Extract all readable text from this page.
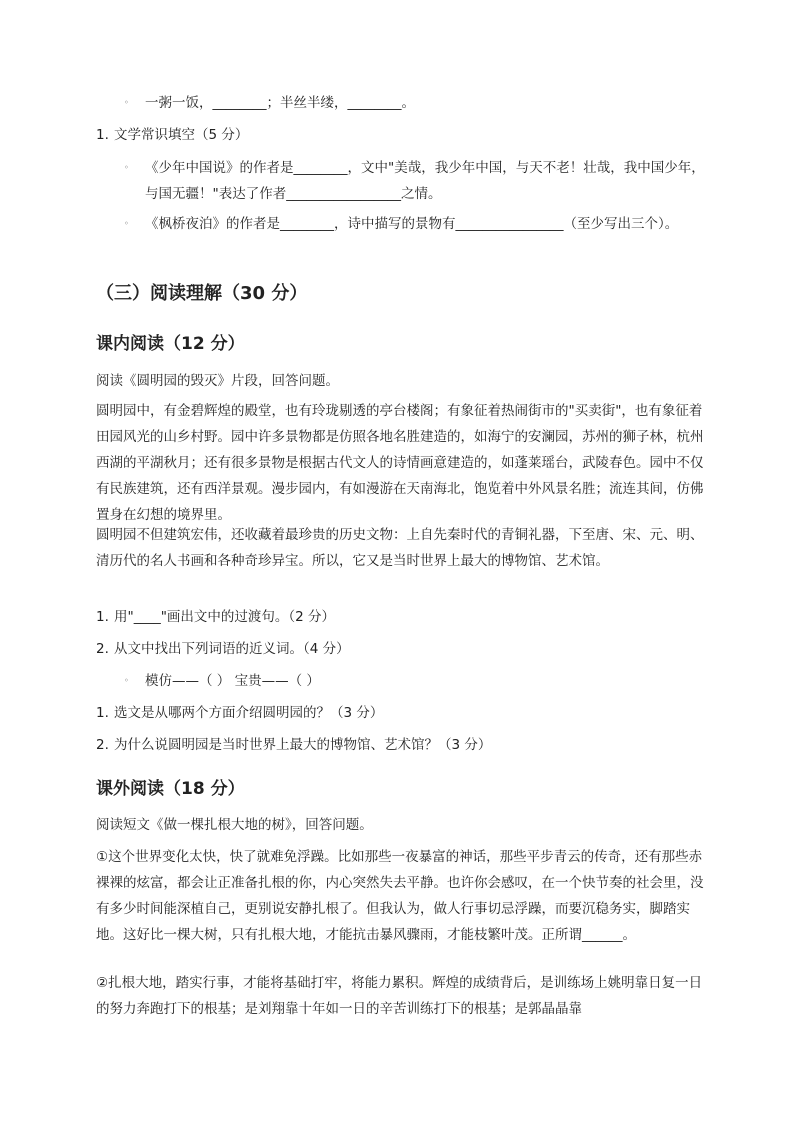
◦ 一粥一饭，________；半丝半缕，________。
1. 文学常识填空（5 分）
◦ 《少年中国说》的作者是________，文中"美哉，我少年中国，与天不老！壮哉，我中国少年，与国无疆！"表达了作者_________________之情。
◦ 《枫桥夜泊》的作者是________，诗中描写的景物有________________（至少写出三个）。
（三）阅读理解（30 分）
课内阅读（12 分）
阅读《圆明园的毁灭》片段，回答问题。
圆明园中，有金碧辉煌的殿堂，也有玲珑剔透的亭台楼阁；有象征着热闹街市的"买卖街"，也有象征着田园风光的山乡村野。园中许多景物都是仿照各地名胜建造的，如海宁的安澜园，苏州的狮子林，杭州西湖的平湖秋月；还有很多景物是根据古代文人的诗情画意建造的，如蓬莱瑶台，武陵春色。园中不仅有民族建筑，还有西洋景观。漫步园内，有如漫游在天南海北，饱览着中外风景名胜；流连其间，仿佛置身在幻想的境界里。
圆明园不但建筑宏伟，还收藏着最珍贵的历史文物：上自先秦时代的青铜礼器，下至唐、宋、元、明、清历代的名人书画和各种奇珍异宝。所以，它又是当时世界上最大的博物馆、艺术馆。
1. 用"____"画出文中的过渡句。（2 分）
2. 从文中找出下列词语的近义词。（4 分）
◦ 模仿——（ ） 宝贵——（ ）
1. 选文是从哪两个方面介绍圆明园的？（3 分）
2. 为什么说圆明园是当时世界上最大的博物馆、艺术馆？（3 分）
课外阅读（18 分）
阅读短文《做一棵扎根大地的树》，回答问题。
①这个世界变化太快，快了就难免浮躁。比如那些一夜暴富的神话，那些平步青云的传奇，还有那些赤裸裸的炫富，都会让正准备扎根的你，内心突然失去平静。也许你会感叹，在一个快节奏的社会里，没有多少时间能深植自己，更别说安静扎根了。但我认为，做人行事切忌浮躁，而要沉稳务实，脚踏实地。这好比一棵大树，只有扎根大地，才能抗击暴风骤雨，才能枝繁叶茂。正所谓______。
②扎根大地，踏实行事，才能将基础打牢，将能力累积。辉煌的成绩背后，是训练场上姚明靠日复一日的努力奔跑打下的根基；是刘翔靠十年如一日的辛苦训练打下的根基；是郭晶晶靠
